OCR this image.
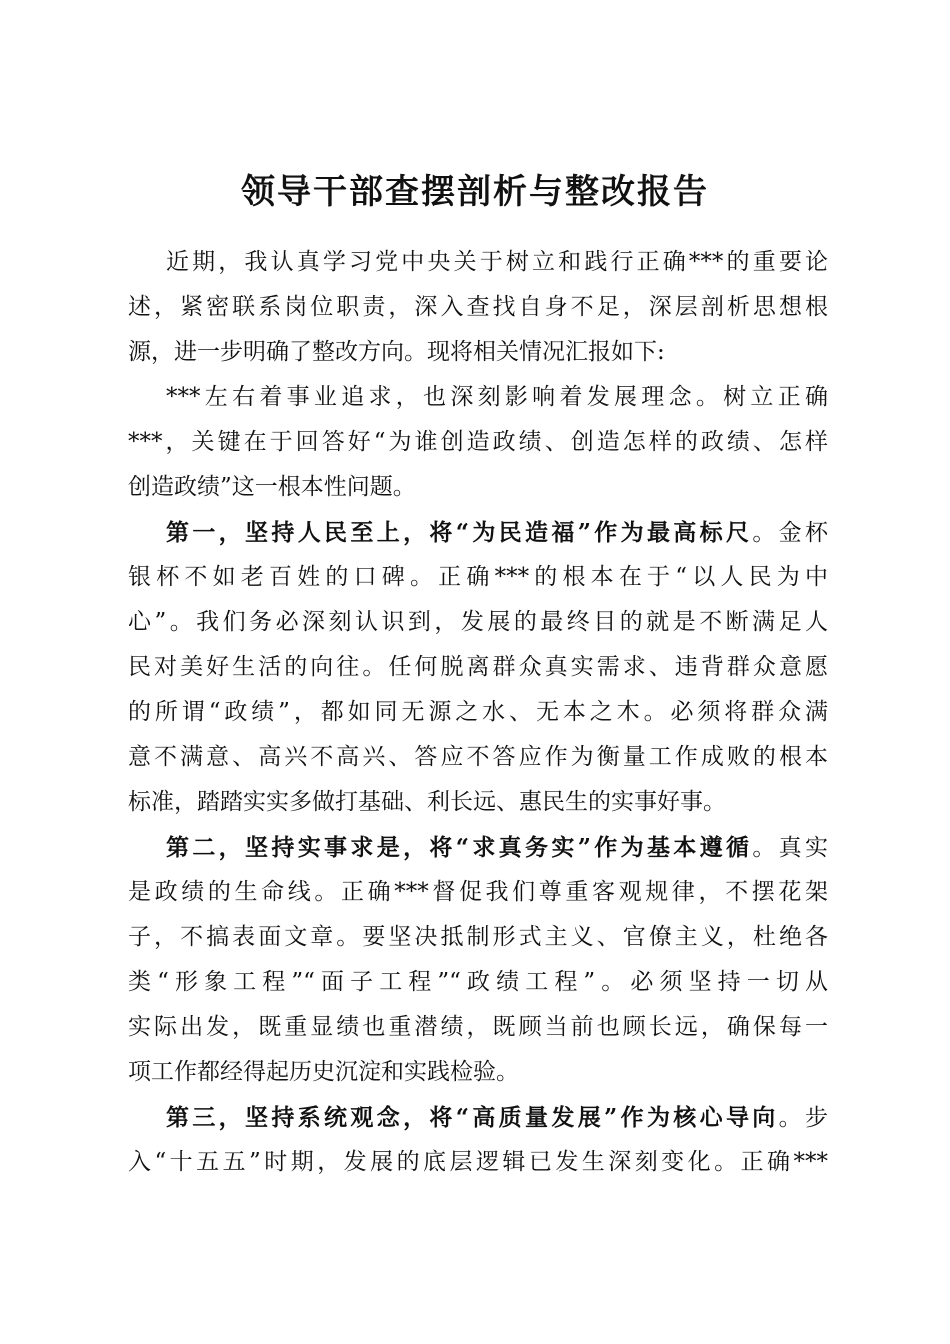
领导干部查摆剖析与整改报告
近期，我认真学习党中央关于树立和践行正确***的重要论
述，紧密联系岗位职责，深入查找自身不足，深层剖析思想根
源，进一步明确了整改方向。现将相关情况汇报如下:
***左右着事业追求，也深刻影响着发展理念。树立正确
***，关键在于回答好“为谁创造政绩、创造怎样的政绩、怎样
创造政绩”这一根本性问题。
第一，坚持人民至上，将“为民造福”作为最高标尺。金杯
银杯不如老百姓的口碑。正确***的根本在于“以人民为中
心”。我们务必深刻认识到，发展的最终目的就是不断满足人
民对美好生活的向往。任何脱离群众真实需求、违背群众意愿
的所谓“政绩”，都如同无源之水、无本之木。必须将群众满
意不满意、高兴不高兴、答应不答应作为衡量工作成败的根本
标准，踏踏实实多做打基础、利长远、惠民生的实事好事。
第二，坚持实事求是，将“求真务实”作为基本遵循。真实
是政绩的生命线。正确***督促我们尊重客观规律，不摆花架
子，不搞表面文章。要坚决抵制形式主义、官僚主义，杜绝各
类“形象工程”“面子工程”“政绩工程”。必须坚持一切从
实际出发，既重显绩也重潜绩，既顾当前也顾长远，确保每一
项工作都经得起历史沉淀和实践检验。
第三，坚持系统观念，将“高质量发展”作为核心导向。步
入“十五五”时期，发展的底层逻辑已发生深刻变化。正确***
